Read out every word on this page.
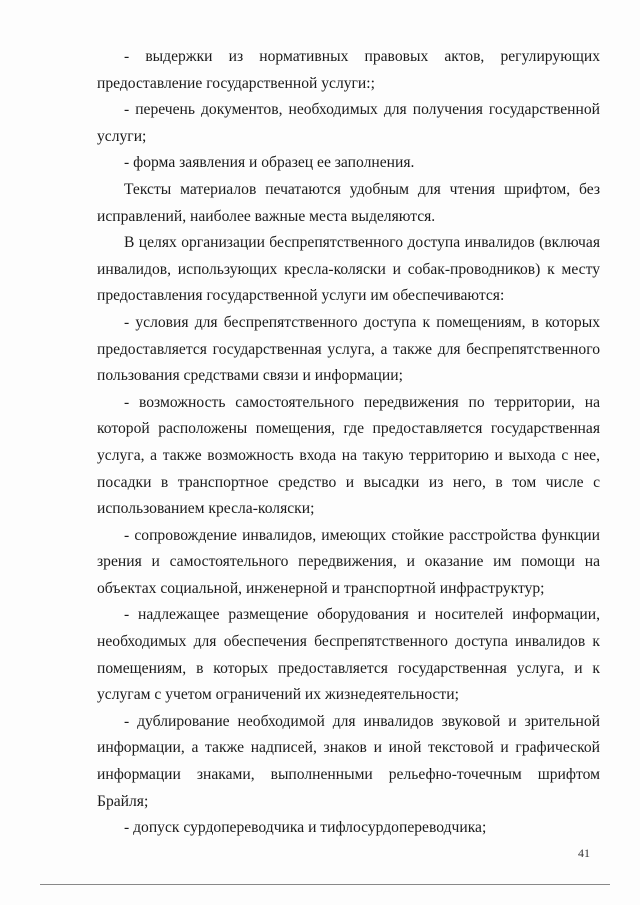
- выдержки из нормативных правовых актов, регулирующих предоставление государственной услуги:;

- перечень документов, необходимых для получения государственной услуги;

- форма заявления и образец ее заполнения.

Тексты материалов печатаются удобным для чтения шрифтом, без исправлений, наиболее важные места выделяются.

В целях организации беспрепятственного доступа инвалидов (включая инвалидов, использующих кресла-коляски и собак-проводников) к месту предоставления государственной услуги им обеспечиваются:

- условия для беспрепятственного доступа к помещениям, в которых предоставляется государственная услуга, а также для беспрепятственного пользования средствами связи и информации;

- возможность самостоятельного передвижения по территории, на которой расположены помещения, где предоставляется государственная услуга, а также возможность входа на такую территорию и выхода с нее, посадки в транспортное средство и высадки из него, в том числе с использованием кресла-коляски;

- сопровождение инвалидов, имеющих стойкие расстройства функции зрения и самостоятельного передвижения, и оказание им помощи на объектах социальной, инженерной и транспортной инфраструктур;

- надлежащее размещение оборудования и носителей информации, необходимых для обеспечения беспрепятственного доступа инвалидов к помещениям, в которых предоставляется государственная услуга, и к услугам с учетом ограничений их жизнедеятельности;

- дублирование необходимой для инвалидов звуковой и зрительной информации, а также надписей, знаков и иной текстовой и графической информации знаками, выполненными рельефно-точечным шрифтом Брайля;

- допуск сурдопереводчика и тифлосурдопереводчика;

41
